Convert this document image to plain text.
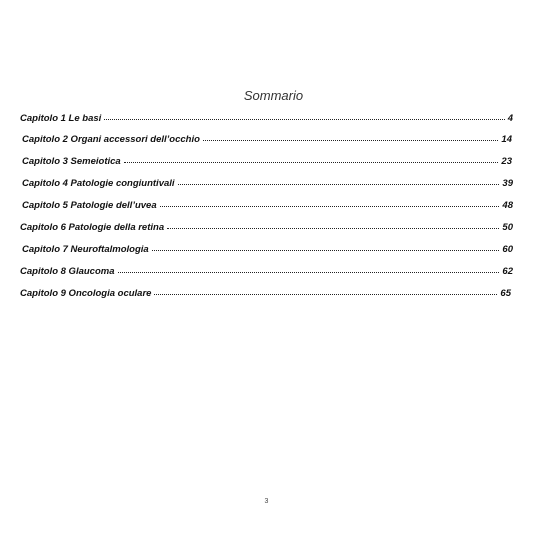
Sommario
Capitolo 1 Le basi	4
Capitolo 2 Organi accessori dell’occhio	14
Capitolo 3 Semeiotica	23
Capitolo 4 Patologie congiuntivali	39
Capitolo 5 Patologie dell’uvea	48
Capitolo 6 Patologie della retina	50
Capitolo 7 Neuroftalmologia	60
Capitolo 8 Glaucoma	62
Capitolo 9 Oncologia oculare	65
3
